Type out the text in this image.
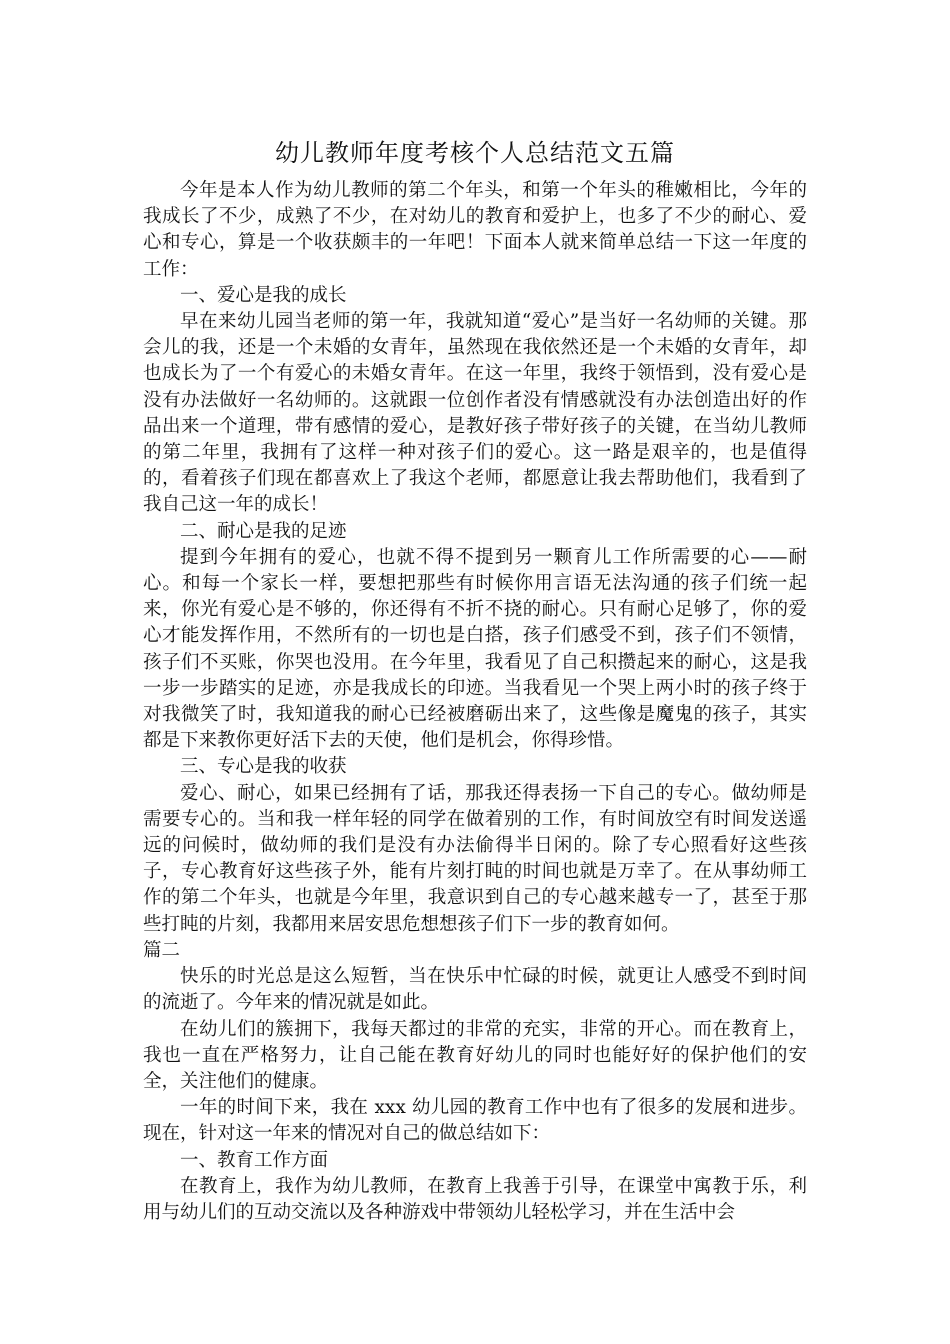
幼儿教师年度考核个人总结范文五篇

今年是本人作为幼儿教师的第二个年头，和第一个年头的稚嫩相比，今年的我成长了不少，成熟了不少，在对幼儿的教育和爱护上，也多了不少的耐心、爱心和专心，算是一个收获颇丰的一年吧！下面本人就来简单总结一下这一年度的工作：

一、爱心是我的成长

早在来幼儿园当老师的第一年，我就知道“爱心”是当好一名幼师的关键。那会儿的我，还是一个未婚的女青年，虽然现在我依然还是一个未婚的女青年，却也成长为了一个有爱心的未婚女青年。在这一年里，我终于领悟到，没有爱心是没有办法做好一名幼师的。这就跟一位创作者没有情感就没有办法创造出好的作品出来一个道理，带有感情的爱心，是教好孩子带好孩子的关键，在当幼儿教师的第二年里，我拥有了这样一种对孩子们的爱心。这一路是艰辛的，也是值得的，看着孩子们现在都喜欢上了我这个老师，都愿意让我去帮助他们，我看到了我自己这一年的成长！

二、耐心是我的足迹

提到今年拥有的爱心，也就不得不提到另一颗育儿工作所需要的心——耐心。和每一个家长一样，要想把那些有时候你用言语无法沟通的孩子们统一起来，你光有爱心是不够的，你还得有不折不挠的耐心。只有耐心足够了，你的爱心才能发挥作用，不然所有的一切也是白搭，孩子们感受不到，孩子们不领情，孩子们不买账，你哭也没用。在今年里，我看见了自己积攒起来的耐心，这是我一步一步踏实的足迹，亦是我成长的印迹。当我看见一个哭上两小时的孩子终于对我微笑了时，我知道我的耐心已经被磨砺出来了，这些像是魔鬼的孩子，其实都是下来教你更好活下去的天使，他们是机会，你得珍惜。

三、专心是我的收获

爱心、耐心，如果已经拥有了话，那我还得表扬一下自己的专心。做幼师是需要专心的。当和我一样年轻的同学在做着别的工作，有时间放空有时间发送遥远的问候时，做幼师的我们是没有办法偷得半日闲的。除了专心照看好这些孩子，专心教育好这些孩子外，能有片刻打盹的时间也就是万幸了。在从事幼师工作的第二个年头，也就是今年里，我意识到自己的专心越来越专一了，甚至于那些打盹的片刻，我都用来居安思危想想孩子们下一步的教育如何。

篇二

快乐的时光总是这么短暂，当在快乐中忙碌的时候，就更让人感受不到时间的流逝了。今年来的情况就是如此。

在幼儿们的簇拥下，我每天都过的非常的充实，非常的开心。而在教育上，我也一直在严格努力，让自己能在教育好幼儿的同时也能好好的保护他们的安全，关注他们的健康。

一年的时间下来，我在 xxx 幼儿园的教育工作中也有了很多的发展和进步。现在，针对这一年来的情况对自己的做总结如下：

一、教育工作方面

在教育上，我作为幼儿教师，在教育上我善于引导，在课堂中寓教于乐，利用与幼儿们的互动交流以及各种游戏中带领幼儿轻松学习，并在生活中会
